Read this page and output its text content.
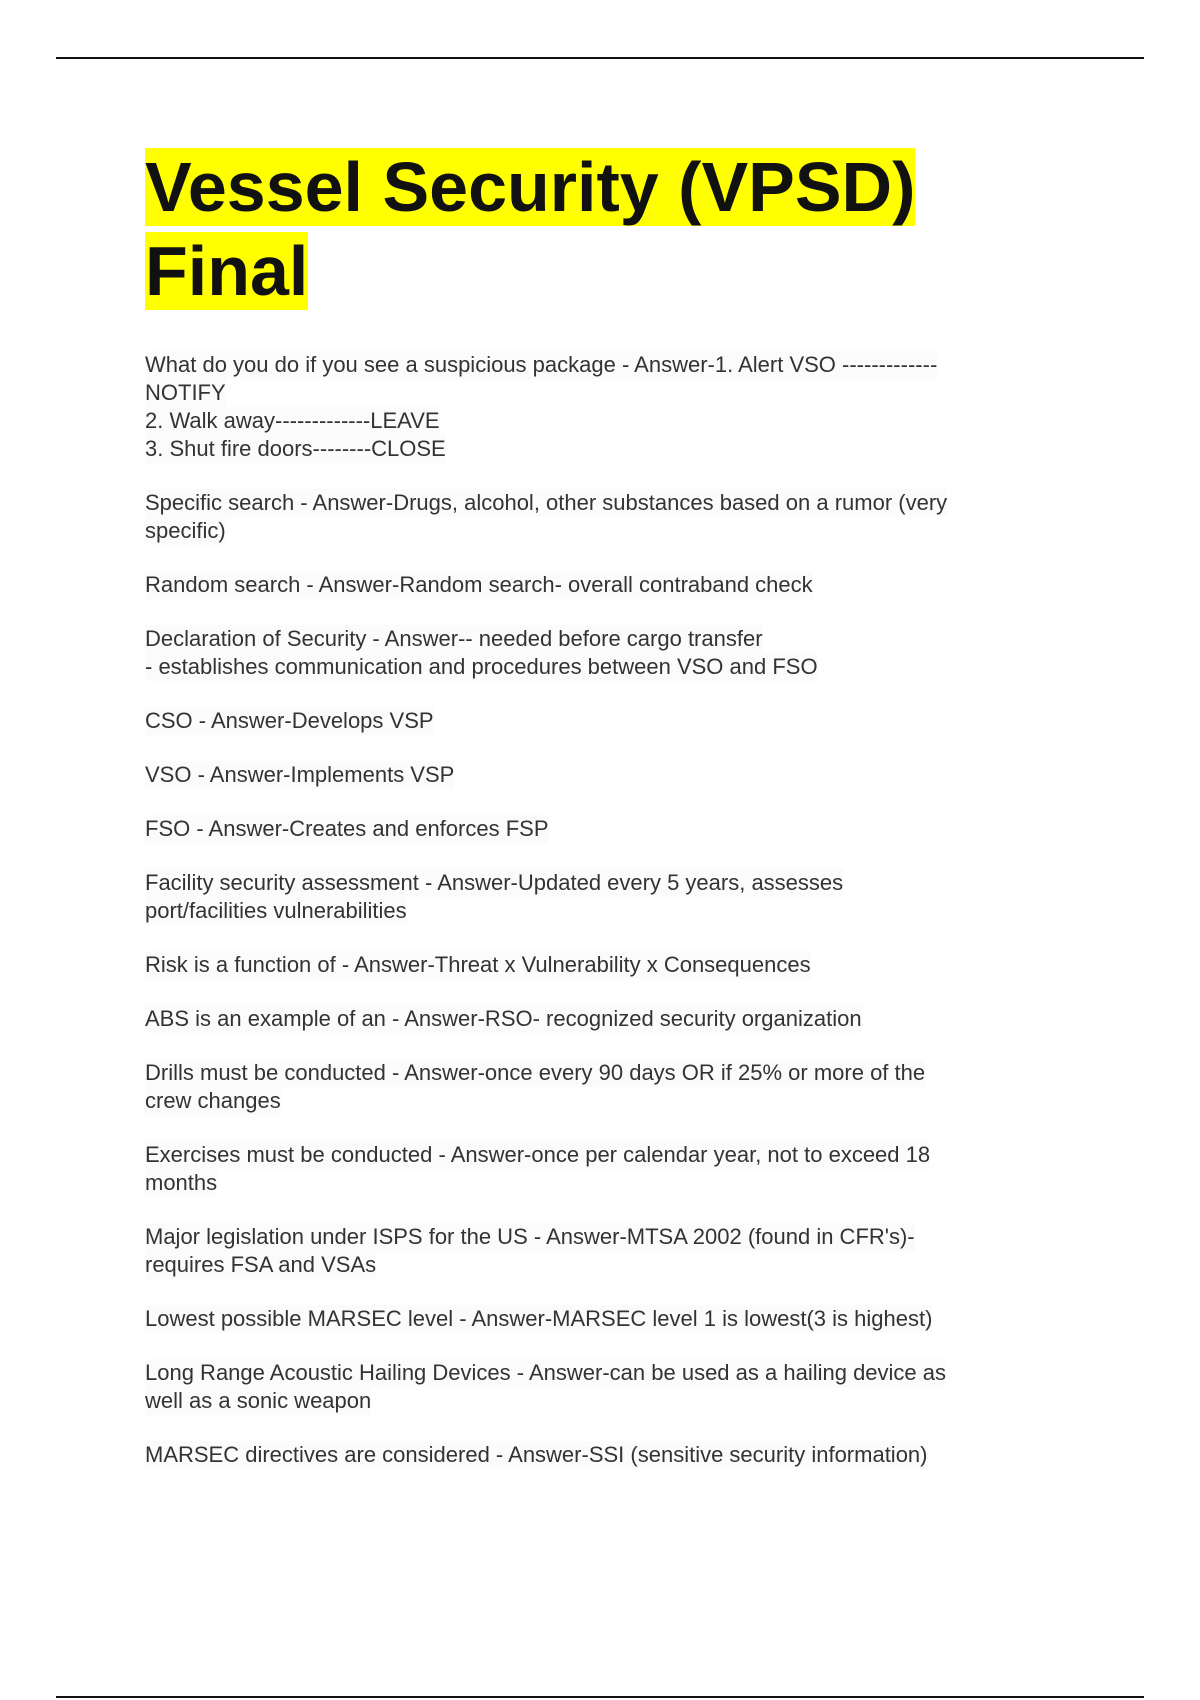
Vessel Security (VPSD)
Final
What do you do if you see a suspicious package - Answer-1. Alert VSO -------------
NOTIFY
2. Walk away-------------LEAVE
3. Shut fire doors--------CLOSE
Specific search - Answer-Drugs, alcohol, other substances based on a rumor (very
specific)
Random search - Answer-Random search- overall contraband check
Declaration of Security - Answer-- needed before cargo transfer
- establishes communication and procedures between VSO and FSO
CSO - Answer-Develops VSP
VSO - Answer-Implements VSP
FSO - Answer-Creates and enforces FSP
Facility security assessment - Answer-Updated every 5 years, assesses
port/facilities vulnerabilities
Risk is a function of - Answer-Threat x Vulnerability x Consequences
ABS is an example of an - Answer-RSO- recognized security organization
Drills must be conducted - Answer-once every 90 days OR if 25% or more of the
crew changes
Exercises must be conducted - Answer-once per calendar year, not to exceed 18
months
Major legislation under ISPS for the US - Answer-MTSA 2002 (found in CFR's)-
requires FSA and VSAs
Lowest possible MARSEC level - Answer-MARSEC level 1 is lowest(3 is highest)
Long Range Acoustic Hailing Devices - Answer-can be used as a hailing device as
well as a sonic weapon
MARSEC directives are considered - Answer-SSI (sensitive security information)
